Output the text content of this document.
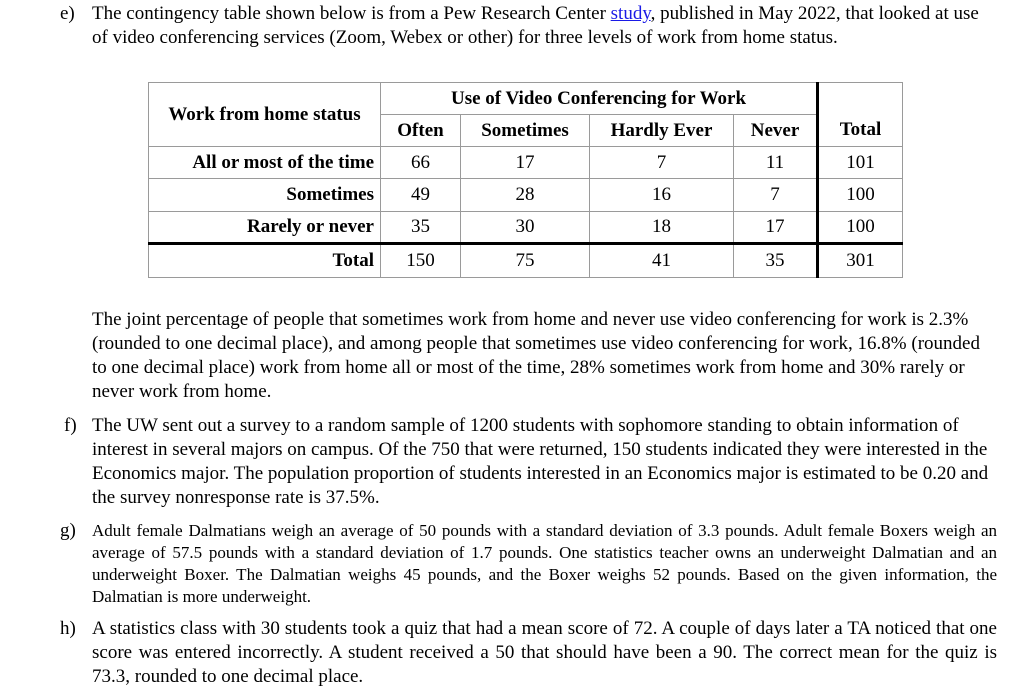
e) The contingency table shown below is from a Pew Research Center study, published in May 2022, that looked at use of video conferencing services (Zoom, Webex or other) for three levels of work from home status.
Work from home status	Use of Video Conferencing for Work				
	Often	Sometimes	Hardly Ever	Never	Total
All or most of the time	66	17	7	11	101
Sometimes	49	28	16	7	100
Rarely or never	35	30	18	17	100
Total	150	75	41	35	301
The joint percentage of people that sometimes work from home and never use video conferencing for work is 2.3% (rounded to one decimal place), and among people that sometimes use video conferencing for work, 16.8% (rounded to one decimal place) work from home all or most of the time, 28% sometimes work from home and 30% rarely or never work from home.
f) The UW sent out a survey to a random sample of 1200 students with sophomore standing to obtain information of interest in several majors on campus. Of the 750 that were returned, 150 students indicated they were interested in the Economics major. The population proportion of students interested in an Economics major is estimated to be 0.20 and the survey nonresponse rate is 37.5%.
g) Adult female Dalmatians weigh an average of 50 pounds with a standard deviation of 3.3 pounds. Adult female Boxers weigh an average of 57.5 pounds with a standard deviation of 1.7 pounds. One statistics teacher owns an underweight Dalmatian and an underweight Boxer. The Dalmatian weighs 45 pounds, and the Boxer weighs 52 pounds. Based on the given information, the Dalmatian is more underweight.
h) A statistics class with 30 students took a quiz that had a mean score of 72. A couple of days later a TA noticed that one score was entered incorrectly. A student received a 50 that should have been a 90. The correct mean for the quiz is 73.3, rounded to one decimal place.
